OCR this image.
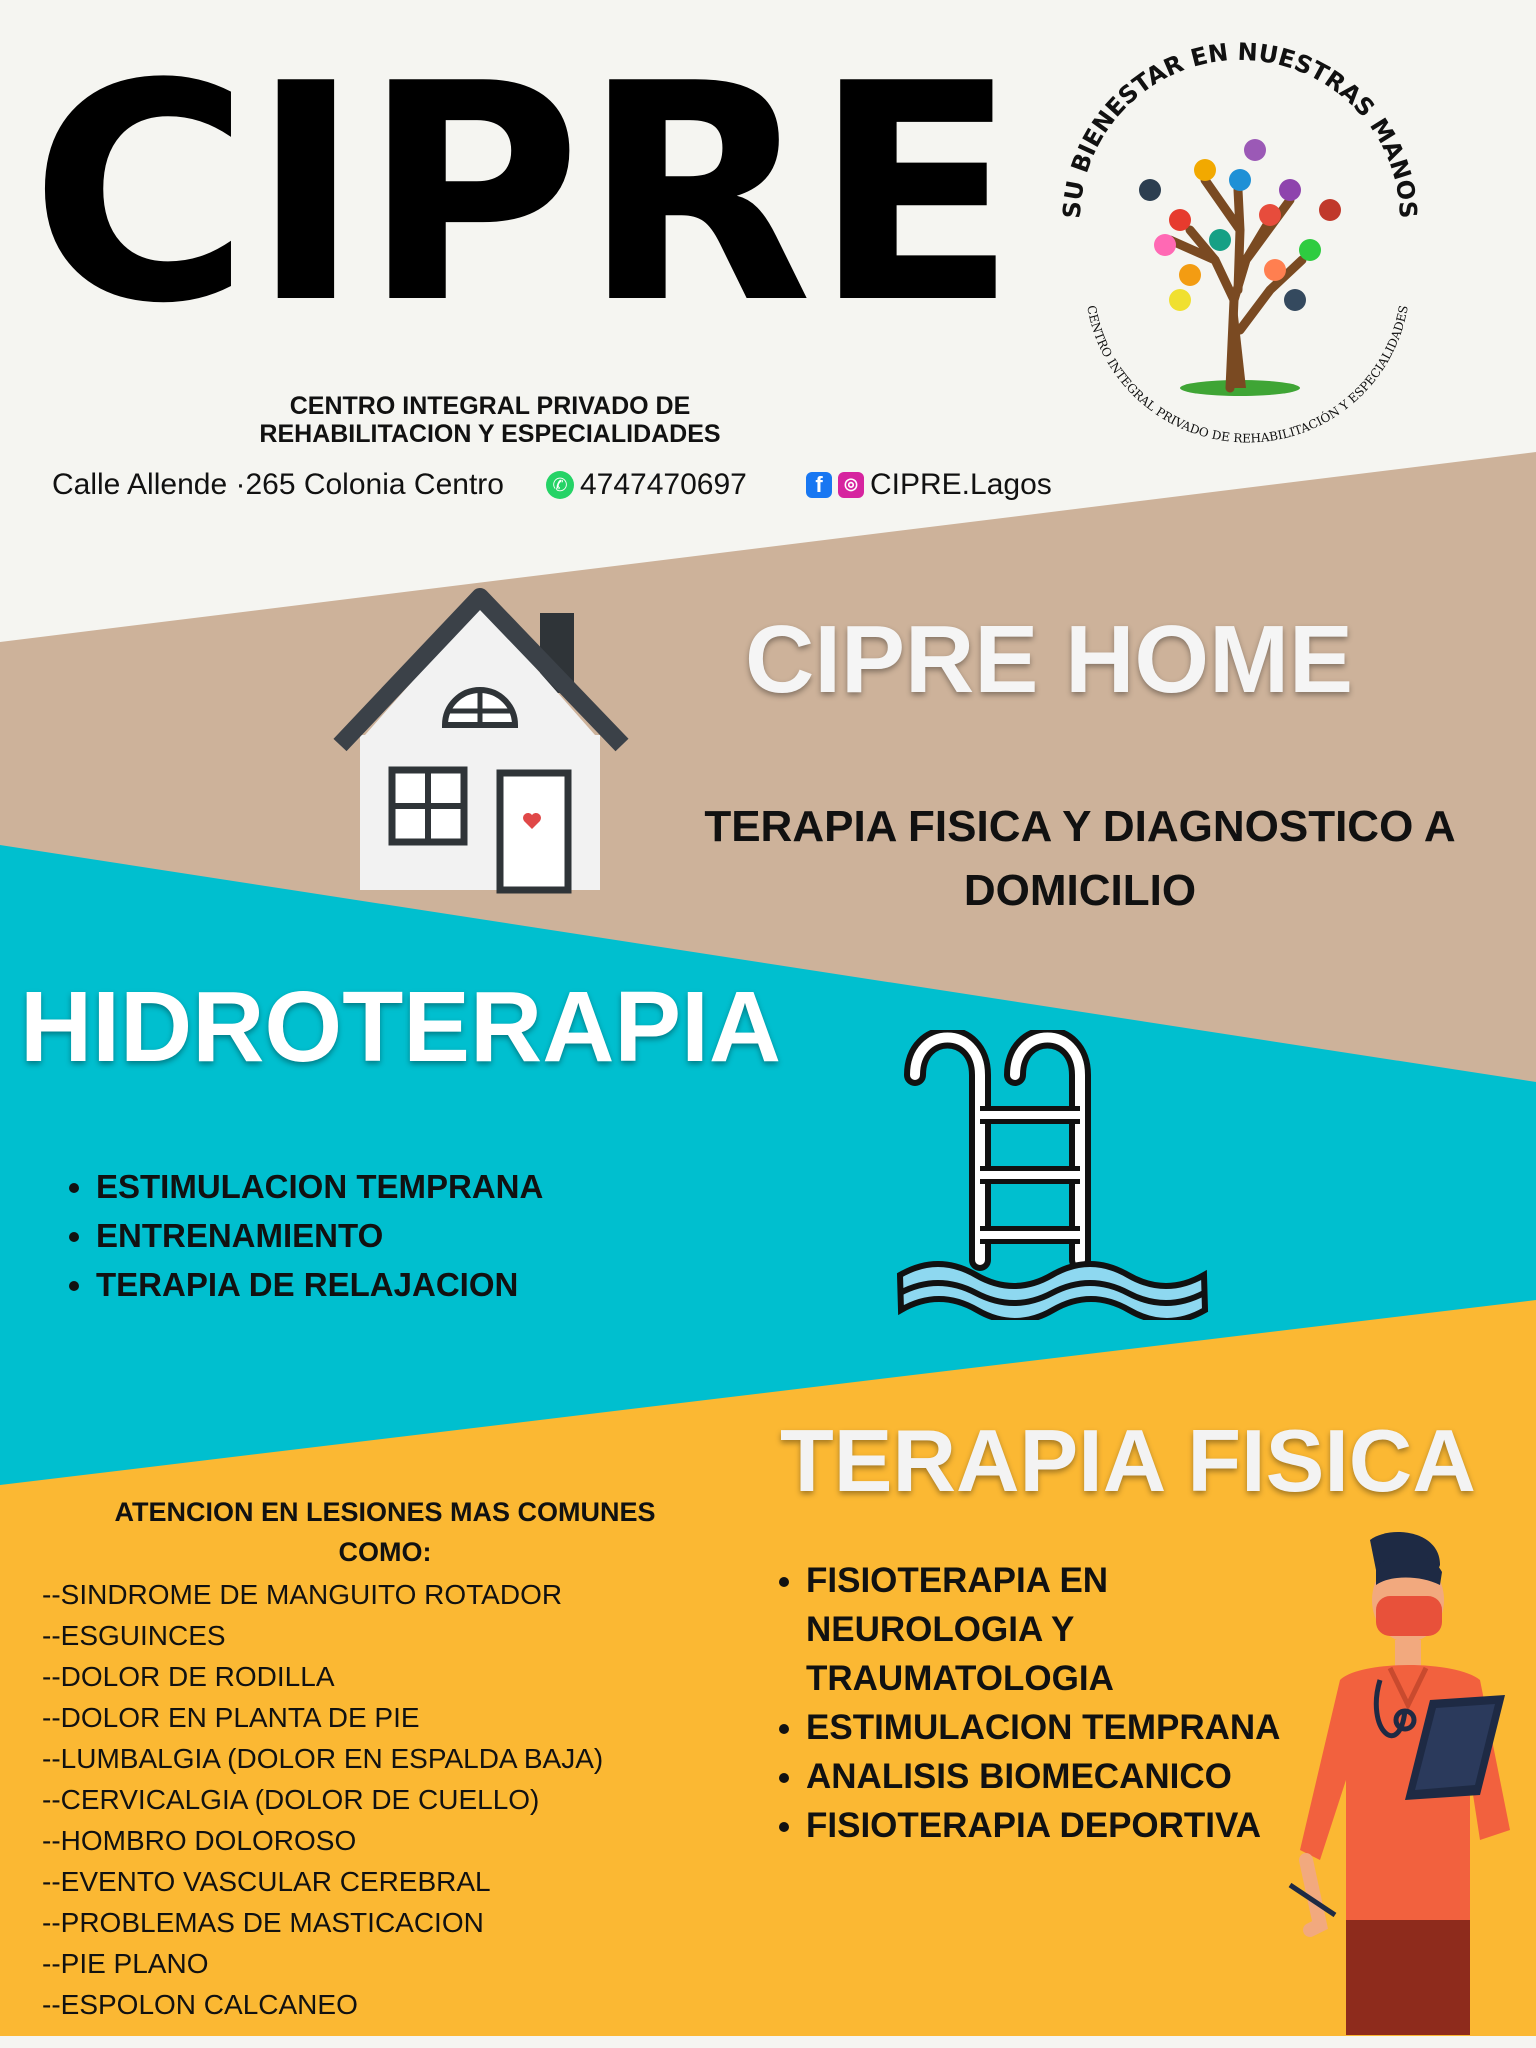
CIPRE
CENTRO INTEGRAL PRIVADO DE
REHABILITACION Y ESPECIALIDADES
Calle Allende ·265 Colonia Centro	✆ 4747470697	f	◎ CIPRE.Lagos
SU BIENESTAR EN NUESTRAS MANOS
CENTRO INTEGRAL PRIVADO DE REHABILITACIÓN Y ESPECIALIDADES
CIPRE HOME
TERAPIA FISICA Y DIAGNOSTICO A
DOMICILIO
HIDROTERAPIA
• ESTIMULACION TEMPRANA
• ENTRENAMIENTO
• TERAPIA DE RELAJACION
TERAPIA FISICA
ATENCION EN LESIONES MAS COMUNES
COMO:
--SINDROME DE MANGUITO ROTADOR
--ESGUINCES
--DOLOR DE RODILLA
--DOLOR EN PLANTA DE PIE
--LUMBALGIA (DOLOR EN ESPALDA BAJA)
--CERVICALGIA (DOLOR DE CUELLO)
--HOMBRO DOLOROSO
--EVENTO VASCULAR CEREBRAL
--PROBLEMAS DE MASTICACION
--PIE PLANO
--ESPOLON CALCANEO
• FISIOTERAPIA EN NEUROLOGIA Y TRAUMATOLOGIA
• ESTIMULACION TEMPRANA
• ANALISIS BIOMECANICO
• FISIOTERAPIA DEPORTIVA
